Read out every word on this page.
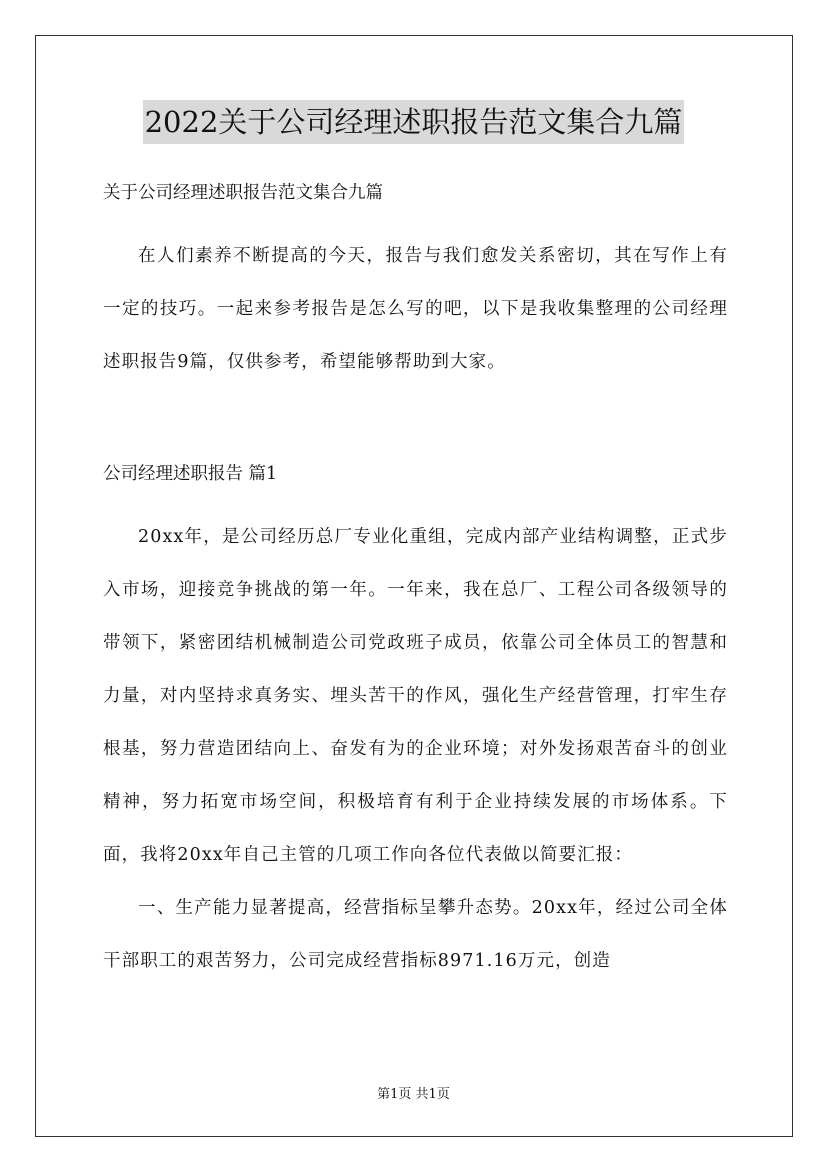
2022关于公司经理述职报告范文集合九篇
关于公司经理述职报告范文集合九篇

在人们素养不断提高的今天，报告与我们愈发关系密切，其在写作上有一定的技巧。一起来参考报告是怎么写的吧，以下是我收集整理的公司经理述职报告9篇，仅供参考，希望能够帮助到大家。

公司经理述职报告 篇1

20xx年，是公司经历总厂专业化重组，完成内部产业结构调整，正式步入市场，迎接竞争挑战的第一年。一年来，我在总厂、工程公司各级领导的带领下，紧密团结机械制造公司党政班子成员，依靠公司全体员工的智慧和力量，对内坚持求真务实、埋头苦干的作风，强化生产经营管理，打牢生存根基，努力营造团结向上、奋发有为的企业环境；对外发扬艰苦奋斗的创业精神，努力拓宽市场空间，积极培育有利于企业持续发展的市场体系。下面，我将20xx年自己主管的几项工作向各位代表做以简要汇报：

一、生产能力显著提高，经营指标呈攀升态势。20xx年，经过公司全体干部职工的艰苦努力，公司完成经营指标8971.16万元，创造

第1页 共1页
